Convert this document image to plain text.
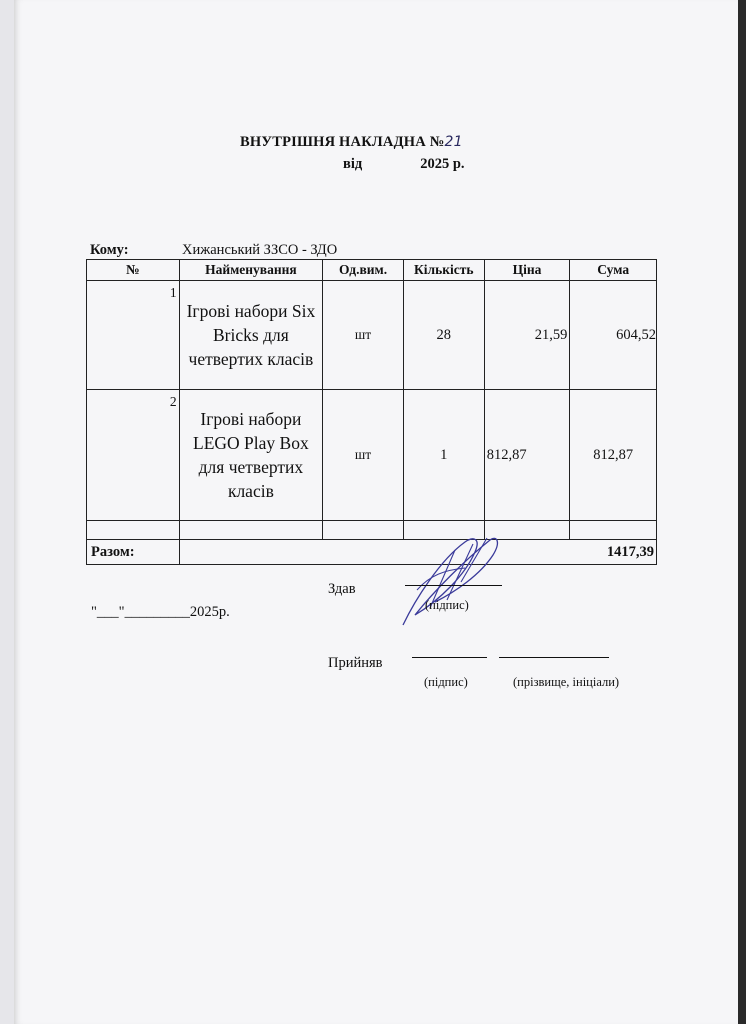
ВНУТРІШНЯ НАКЛАДНА №21
від	2025 р.
Кому:	Хижанський ЗЗСО - ЗДО
№	Найменування	Од.вим.	Кількість	Ціна	Сума
1	Ігрові набори Six Bricks для четвертих класів	шт	28	21,59	604,52
2	Ігрові набори LEGO Play Box для четвертих класів	шт	1	812,87	812,87

Разом:	1417,39				
Здав
(підпис)
"___"_________2025р.
Прийняв
(підпис)	(прізвище, ініціали)
